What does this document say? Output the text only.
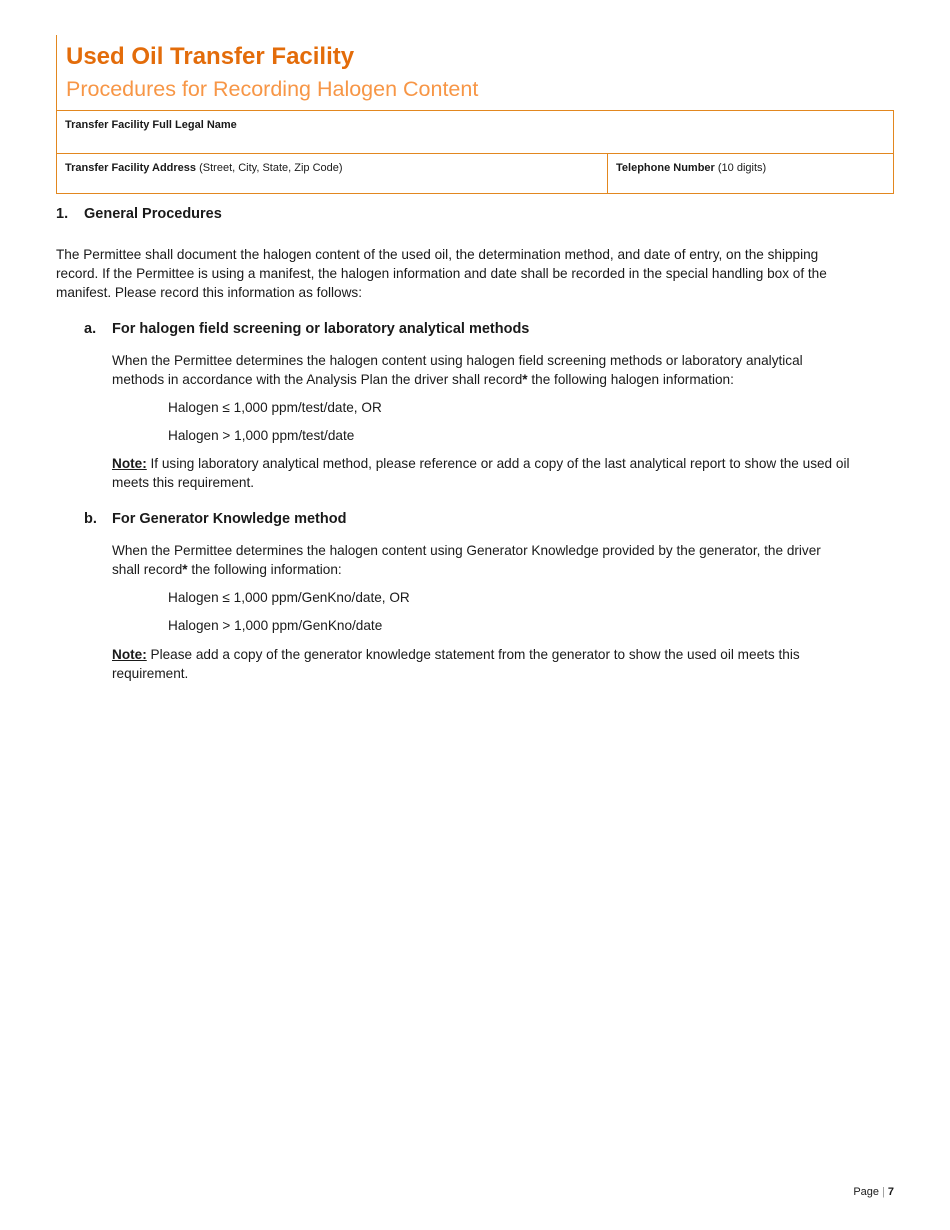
Used Oil Transfer Facility
Procedures for Recording Halogen Content
Transfer Facility Full Legal Name
Transfer Facility Address (Street, City, State, Zip Code)	Telephone Number (10 digits)
1. General Procedures
The Permittee shall document the halogen content of the used oil, the determination method, and date of entry, on the shipping
record. If the Permittee is using a manifest, the halogen information and date shall be recorded in the special handling box of the
manifest. Please record this information as follows:
a. For halogen field screening or laboratory analytical methods
When the Permittee determines the halogen content using halogen field screening methods or laboratory analytical
methods in accordance with the Analysis Plan the driver shall record* the following halogen information:
Halogen ≤ 1,000 ppm/test/date, OR
Halogen > 1,000 ppm/test/date
Note: If using laboratory analytical method, please reference or add a copy of the last analytical report to show the used oil
meets this requirement.
b. For Generator Knowledge method
When the Permittee determines the halogen content using Generator Knowledge provided by the generator, the driver
shall record* the following information:
Halogen ≤ 1,000 ppm/GenKno/date, OR
Halogen > 1,000 ppm/GenKno/date
Note: Please add a copy of the generator knowledge statement from the generator to show the used oil meets this
requirement.
Page | 7
